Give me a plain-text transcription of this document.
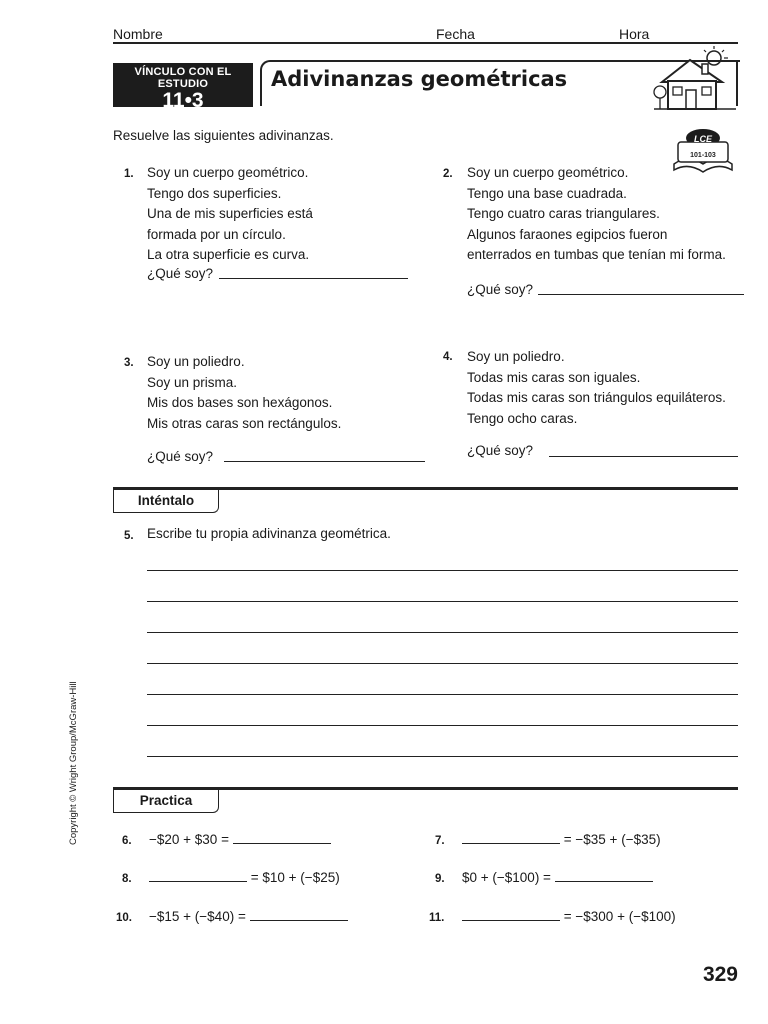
Nombre	Fecha	Hora
VÍNCULO CON EL ESTUDIO
11•3
Adivinanzas geométricas
Resuelve las siguientes adivinanzas.	LCE
101-103
1. Soy un cuerpo geométrico.
Tengo dos superficies.
Una de mis superficies está
formada por un círculo.
La otra superficie es curva.
¿Qué soy?
2. Soy un cuerpo geométrico.
Tengo una base cuadrada.
Tengo cuatro caras triangulares.
Algunos faraones egipcios fueron
enterrados en tumbas que tenían mi forma.
¿Qué soy?
3. Soy un poliedro.
Soy un prisma.
Mis dos bases son hexágonos.
Mis otras caras son rectángulos.
¿Qué soy?
4. Soy un poliedro.
Todas mis caras son iguales.
Todas mis caras son triángulos equiláteros.
Tengo ocho caras.
¿Qué soy?
Inténtalo
5. Escribe tu propia adivinanza geométrica.
Practica
6. −$20 + $30 =	7.	= −$35 + (−$35)
8.	= $10 + (−$25)	9. $0 + (−$100) =
10. −$15 + (−$40) =	11.	= −$300 + (−$100)
Copyright © Wright Group/McGraw-Hill
329
